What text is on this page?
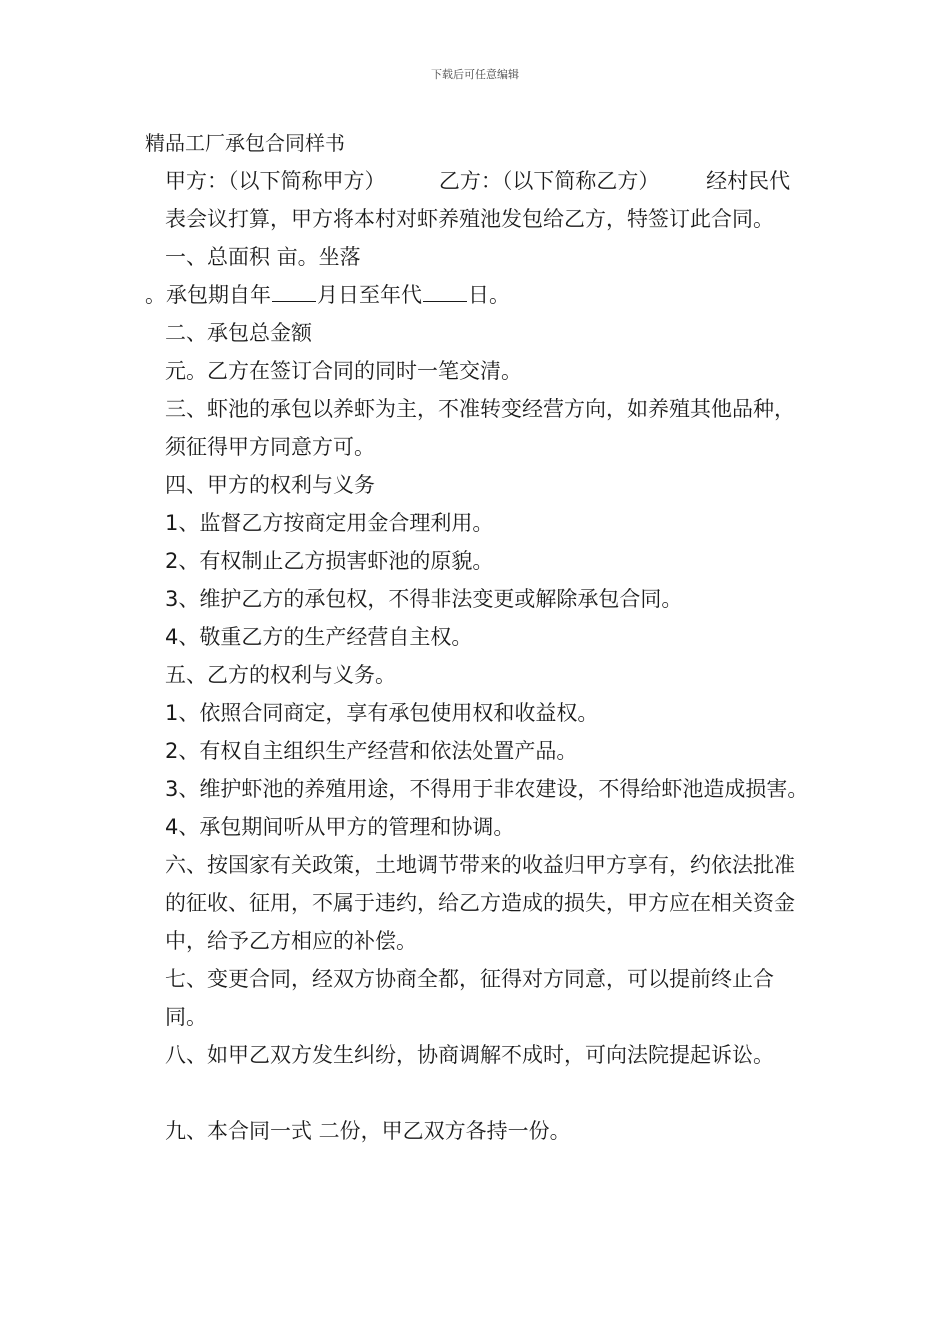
下载后可任意编辑

精品工厂承包合同样书

甲方：（以下简称甲方）        乙方：（以下简称乙方）       经村民代表会议打算，甲方将本村对虾养殖池发包给乙方，特签订此合同。

一、总面积 亩。坐落

。承包期自年 月日至年代 日。

二、承包总金额

元。乙方在签订合同的同时一笔交清。

三、虾池的承包以养虾为主，不准转变经营方向，如养殖其他品种，须征得甲方同意方可。

四、甲方的权利与义务

1、监督乙方按商定用金合理利用。

2、有权制止乙方损害虾池的原貌。

3、维护乙方的承包权，不得非法变更或解除承包合同。

4、敬重乙方的生产经营自主权。

五、乙方的权利与义务。

1、依照合同商定，享有承包使用权和收益权。

2、有权自主组织生产经营和依法处置产品。

3、维护虾池的养殖用途，不得用于非农建设，不得给虾池造成损害。

4、承包期间听从甲方的管理和协调。

六、按国家有关政策，土地调节带来的收益归甲方享有，约依法批准的征收、征用，不属于违约，给乙方造成的损失，甲方应在相关资金中，给予乙方相应的补偿。

七、变更合同，经双方协商全都，征得对方同意，可以提前终止合同。

八、如甲乙双方发生纠纷，协商调解不成时，可向法院提起诉讼。

九、本合同一式 二份，甲乙双方各持一份。
